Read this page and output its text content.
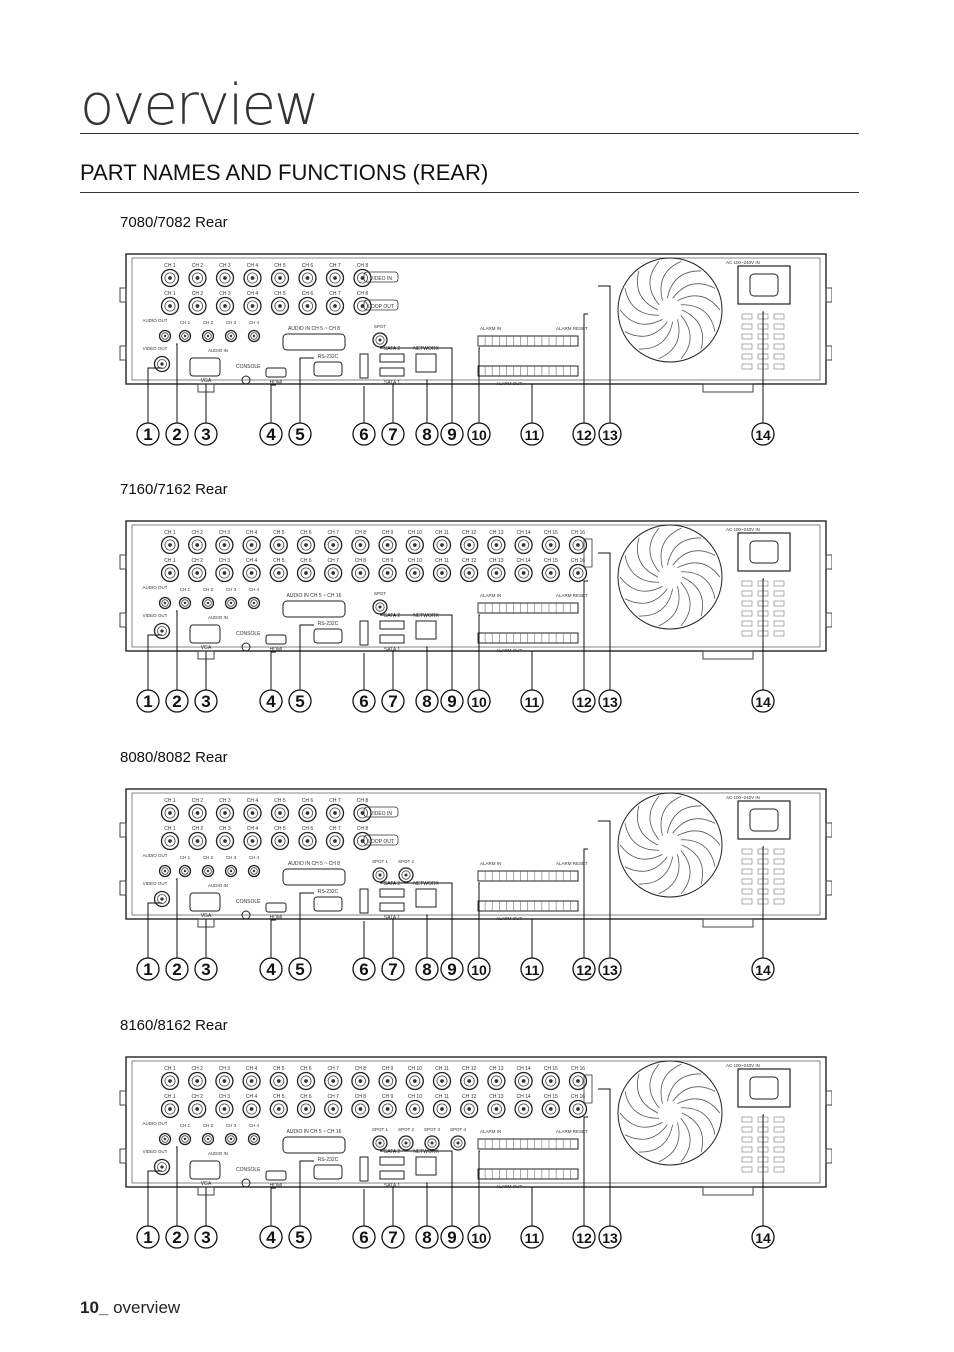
overview
PART NAMES AND FUNCTIONS (REAR)
7080/7082 Rear
CH 1
CH 1
CH 2
CH 2
CH 3
CH 3
CH 4
CH 4
CH 5
CH 5
CH 6
CH 6
CH 7
CH 7
CH 8
CH 8
VIDEO IN
LOOP OUT
AUDIO OUT	CH 1	CH 2	CH 3	CH 4
AUDIO IN
VIDEO OUT
VGA
CONSOLE
HDMI
AUDIO IN CH 5 ~ CH 8
RS-232C
SATA 2
SATA 1
NETWORK
SPOT	ALARM IN	ALARM RESET
ALARM OUT
AC 100~240V IN
1 2 3	4 5	6 7 8 9 10	11	12 13	14
7160/7162 Rear
CH 1
CH 1
CH 2
CH 2
CH 3
CH 3
CH 4
CH 4
CH 5
CH 5
CH 6
CH 6
CH 7
CH 7
CH 8
CH 8
CH 9
CH 9
CH 10
CH 10
CH 11
CH 11
CH 12
CH 12
CH 13
CH 13
CH 14
CH 14
CH 15
CH 15
CH 16
CH 16
AUDIO OUT	CH 1	CH 2	CH 3	CH 4
AUDIO IN
VIDEO OUT
VGA
CONSOLE
HDMI
AUDIO IN CH 5 ~ CH 16
RS-232C
SATA 2
SATA 1
NETWORK
SPOT	ALARM IN	ALARM RESET
ALARM OUT
AC 100~240V IN
1 2 3	4 5	6 7 8 9 10	11	12 13	14
8080/8082 Rear
CH 1
CH 1
CH 2
CH 2
CH 3
CH 3
CH 4
CH 4
CH 5
CH 5
CH 6
CH 6
CH 7
CH 7
CH 8
CH 8
VIDEO IN
LOOP OUT
AUDIO OUT	CH 1	CH 2	CH 3	CH 4
AUDIO IN
VIDEO OUT
VGA
CONSOLE
HDMI
AUDIO IN CH 5 ~ CH 8
RS-232C
SATA 2
SATA 1
NETWORK
SPOT 1 SPOT 2	ALARM IN	ALARM RESET
ALARM OUT
AC 100~240V IN
1 2 3	4 5	6 7 8 9 10	11	12 13	14
8160/8162 Rear
CH 1
CH 1
CH 2
CH 2
CH 3
CH 3
CH 4
CH 4
CH 5
CH 5
CH 6
CH 6
CH 7
CH 7
CH 8
CH 8
CH 9
CH 9
CH 10
CH 10
CH 11
CH 11
CH 12
CH 12
CH 13
CH 13
CH 14
CH 14
CH 15
CH 15
CH 16
CH 16
AUDIO OUT	CH 1	CH 2	CH 3	CH 4
AUDIO IN
VIDEO OUT
VGA
CONSOLE
HDMI
AUDIO IN CH 5 ~ CH 16
RS-232C
SATA 2
SATA 1
NETWORK
SPOT 1 SPOT 2 SPOT 3 SPOT 4	ALARM IN	ALARM RESET
ALARM OUT
AC 100~240V IN
1 2 3	4 5	6 7 8 9 10	11	12 13	14
10_ overview
